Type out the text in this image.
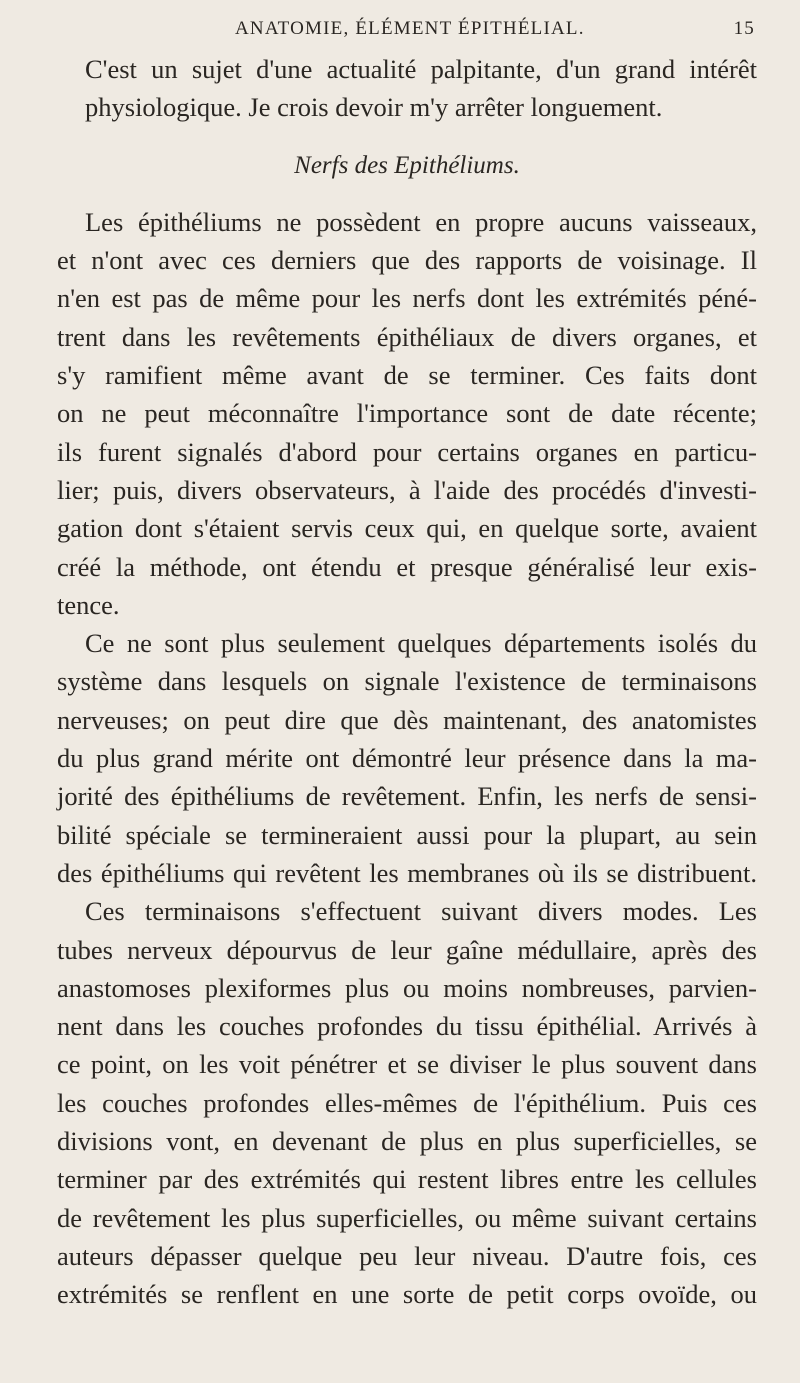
ANATOMIE, ÉLÉMENT ÉPITHÉLIAL.	15

C'est un sujet d'une actualité palpitante, d'un grand intérêt
physiologique. Je crois devoir m'y arrêter longuement.

Nerfs des Epithéliums.

Les épithéliums ne possèdent en propre aucuns vaisseaux,
et n'ont avec ces derniers que des rapports de voisinage. Il
n'en est pas de même pour les nerfs dont les extrémités péné-
trent dans les revêtements épithéliaux de divers organes, et
s'y ramifient même avant de se terminer. Ces faits dont
on ne peut méconnaître l'importance sont de date récente;
ils furent signalés d'abord pour certains organes en particu-
lier; puis, divers observateurs, à l'aide des procédés d'investi-
gation dont s'étaient servis ceux qui, en quelque sorte, avaient
créé la méthode, ont étendu et presque généralisé leur exis-
tence.

Ce ne sont plus seulement quelques départements isolés du
système dans lesquels on signale l'existence de terminaisons
nerveuses; on peut dire que dès maintenant, des anatomistes
du plus grand mérite ont démontré leur présence dans la ma-
jorité des épithéliums de revêtement. Enfin, les nerfs de sensi-
bilité spéciale se termineraient aussi pour la plupart, au sein
des épithéliums qui revêtent les membranes où ils se distribuent.
Ces terminaisons s'effectuent suivant divers modes. Les
tubes nerveux dépourvus de leur gaîne médullaire, après des
anastomoses plexiformes plus ou moins nombreuses, parvien-
nent dans les couches profondes du tissu épithélial. Arrivés à
ce point, on les voit pénétrer et se diviser le plus souvent dans
les couches profondes elles-mêmes de l'épithélium. Puis ces
divisions vont, en devenant de plus en plus superficielles, se
terminer par des extrémités qui restent libres entre les cellules
de revêtement les plus superficielles, ou même suivant certains
auteurs dépasser quelque peu leur niveau. D'autre fois, ces
extrémités se renflent en une sorte de petit corps ovoïde, ou
